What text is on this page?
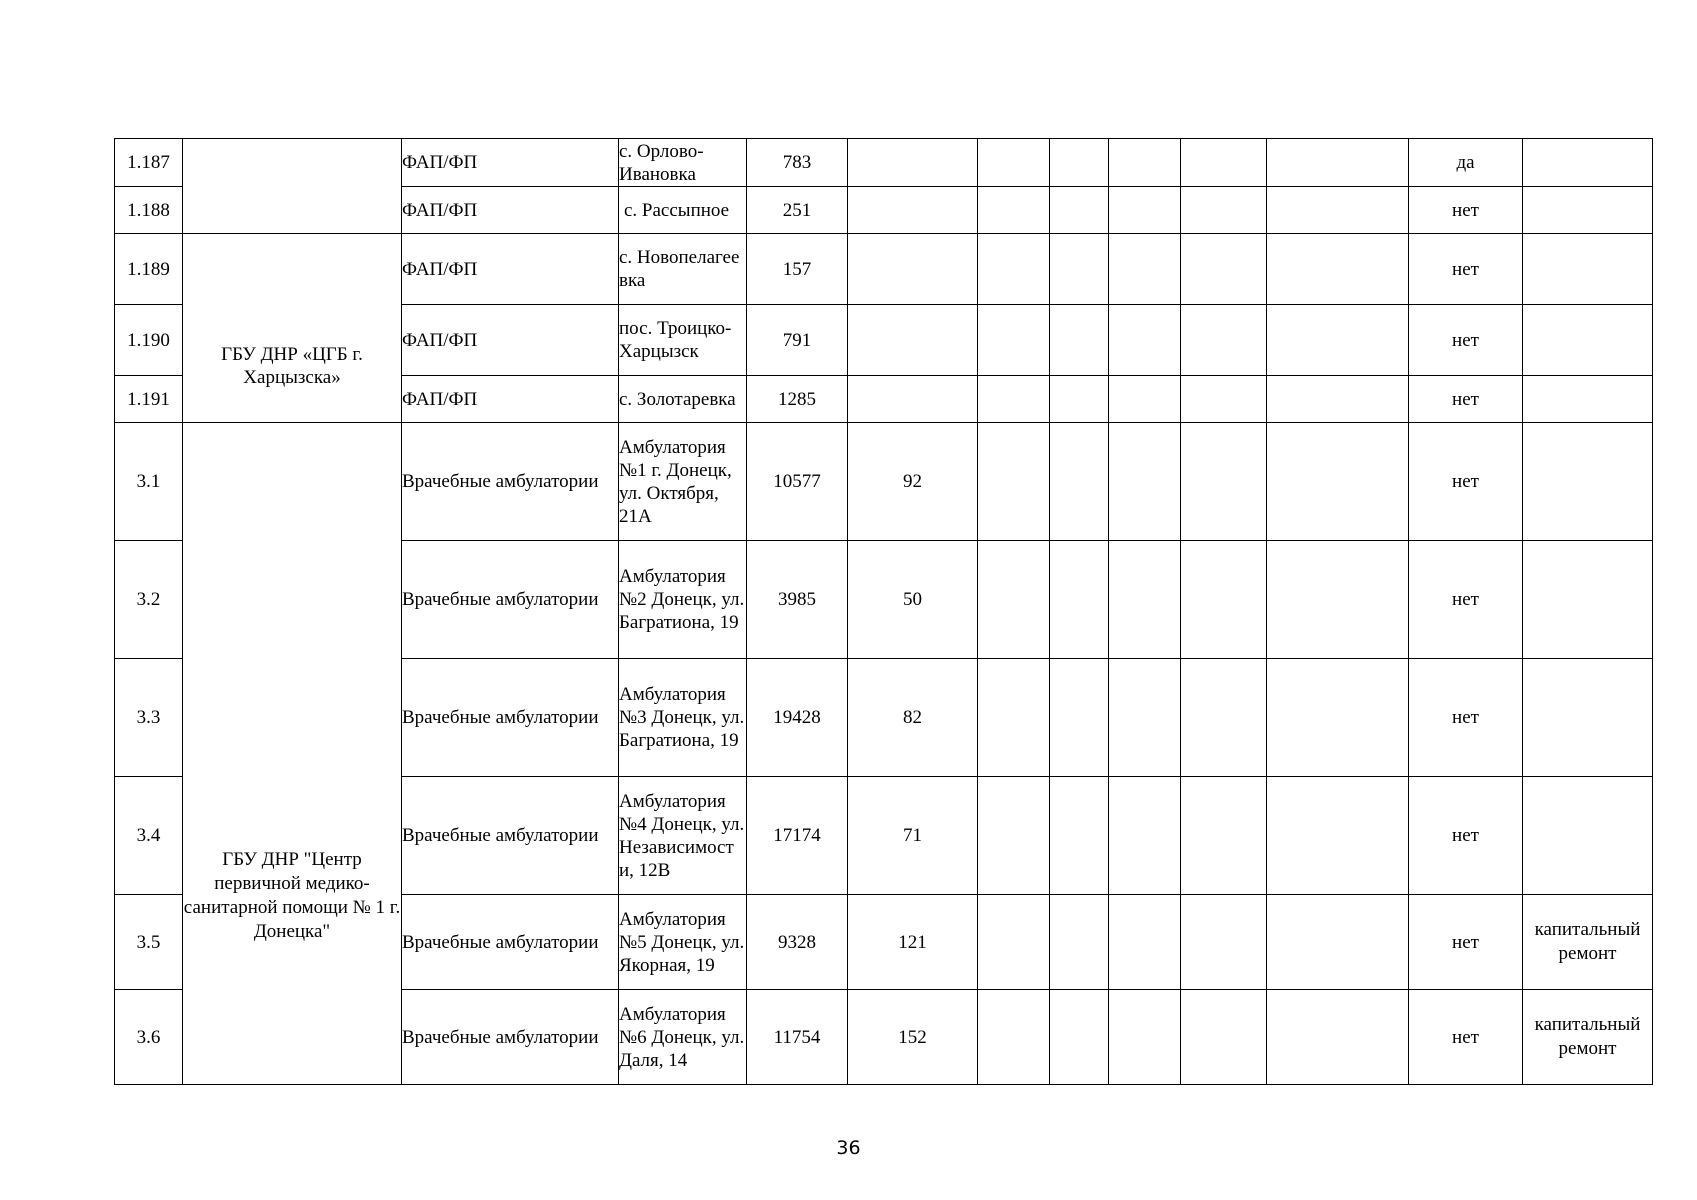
1.187		ФАП/ФП	с. Орлово-Ивановка	783							да	
1.188		ФАП/ФП	с. Рассыпное	251							нет	
1.189	ГБУ ДНР «ЦГБ г. Харцызска»	ФАП/ФП	с. Новопелагеевка	157							нет	
1.190		ФАП/ФП	пос. Троицко-Харцызск	791							нет	
1.191		ФАП/ФП	с. Золотаревка	1285							нет	
3.1	ГБУ ДНР "Центр первичной медико-санитарной помощи № 1 г. Донецка"	Врачебные амбулатории	Амбулатория №1 г. Донецк, ул. Октября, 21А	10577	92						нет	
3.2		Врачебные амбулатории	Амбулатория №2 Донецк, ул. Багратиона, 19	3985	50						нет	
3.3		Врачебные амбулатории	Амбулатория №3 Донецк, ул. Багратиона, 19	19428	82						нет	
3.4		Врачебные амбулатории	Амбулатория №4 Донецк, ул. Независимости, 12В	17174	71						нет	
3.5		Врачебные амбулатории	Амбулатория №5 Донецк, ул. Якорная, 19	9328	121						нет	капитальный ремонт
3.6		Врачебные амбулатории	Амбулатория №6 Донецк, ул. Даля, 14	11754	152						нет	капитальный ремонт
36
